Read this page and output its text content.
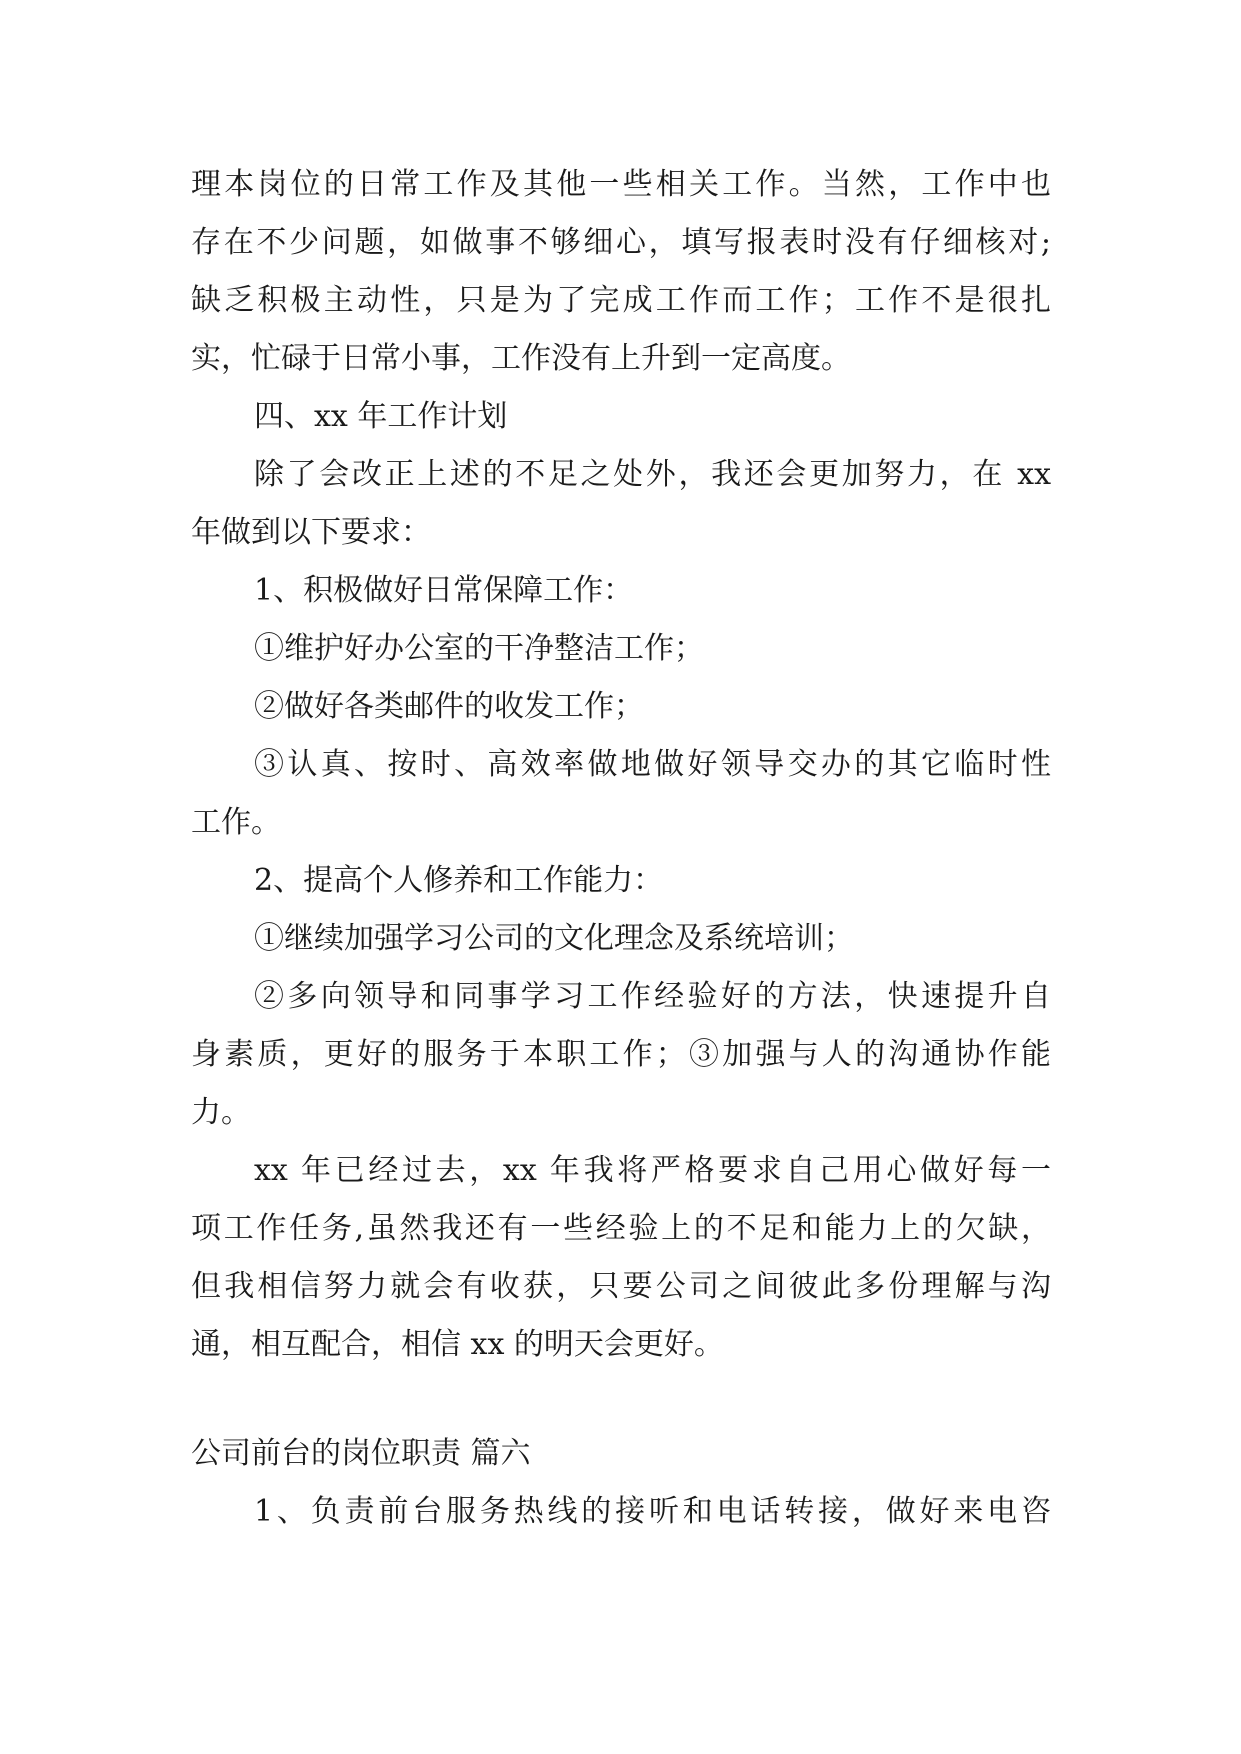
理本岗位的日常工作及其他一些相关工作。当然，工作中也
存在不少问题，如做事不够细心，填写报表时没有仔细核对;
缺乏积极主动性，只是为了完成工作而工作；工作不是很扎
实，忙碌于日常小事，工作没有上升到一定高度。
四、xx 年工作计划
除了会改正上述的不足之处外，我还会更加努力，在 xx
年做到以下要求：
1、积极做好日常保障工作：
①维护好办公室的干净整洁工作；
②做好各类邮件的收发工作；
③认真、按时、高效率做地做好领导交办的其它临时性
工作。
2、提高个人修养和工作能力：
①继续加强学习公司的文化理念及系统培训；
②多向领导和同事学习工作经验好的方法，快速提升自
身素质，更好的服务于本职工作；③加强与人的沟通协作能
力。
xx 年已经过去，xx 年我将严格要求自己用心做好每一
项工作任务,虽然我还有一些经验上的不足和能力上的欠缺，
但我相信努力就会有收获，只要公司之间彼此多份理解与沟
通，相互配合，相信 xx 的明天会更好。
公司前台的岗位职责 篇六
1、负责前台服务热线的接听和电话转接，做好来电咨
